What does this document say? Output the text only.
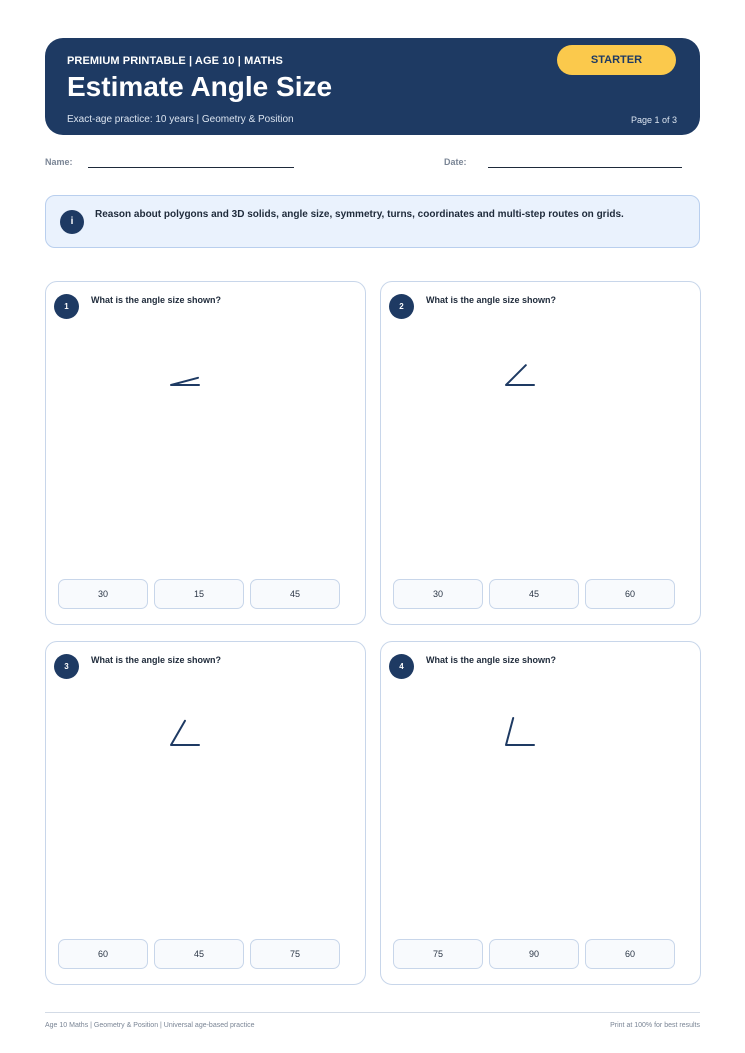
PREMIUM PRINTABLE | AGE 10 | MATHS
Estimate Angle Size
Exact-age practice: 10 years | Geometry & Position	Page 1 of 3
STARTER
Name:	Date:
i
Reason about polygons and 3D solids, angle size, symmetry, turns, coordinates and multi-step routes on grids.
1
What is the angle size shown?
30	15	45
2
What is the angle size shown?
30	45	60
3
What is the angle size shown?
60	45	75
4
What is the angle size shown?
75	90	60
Age 10 Maths | Geometry & Position | Universal age-based practice	Print at 100% for best results
